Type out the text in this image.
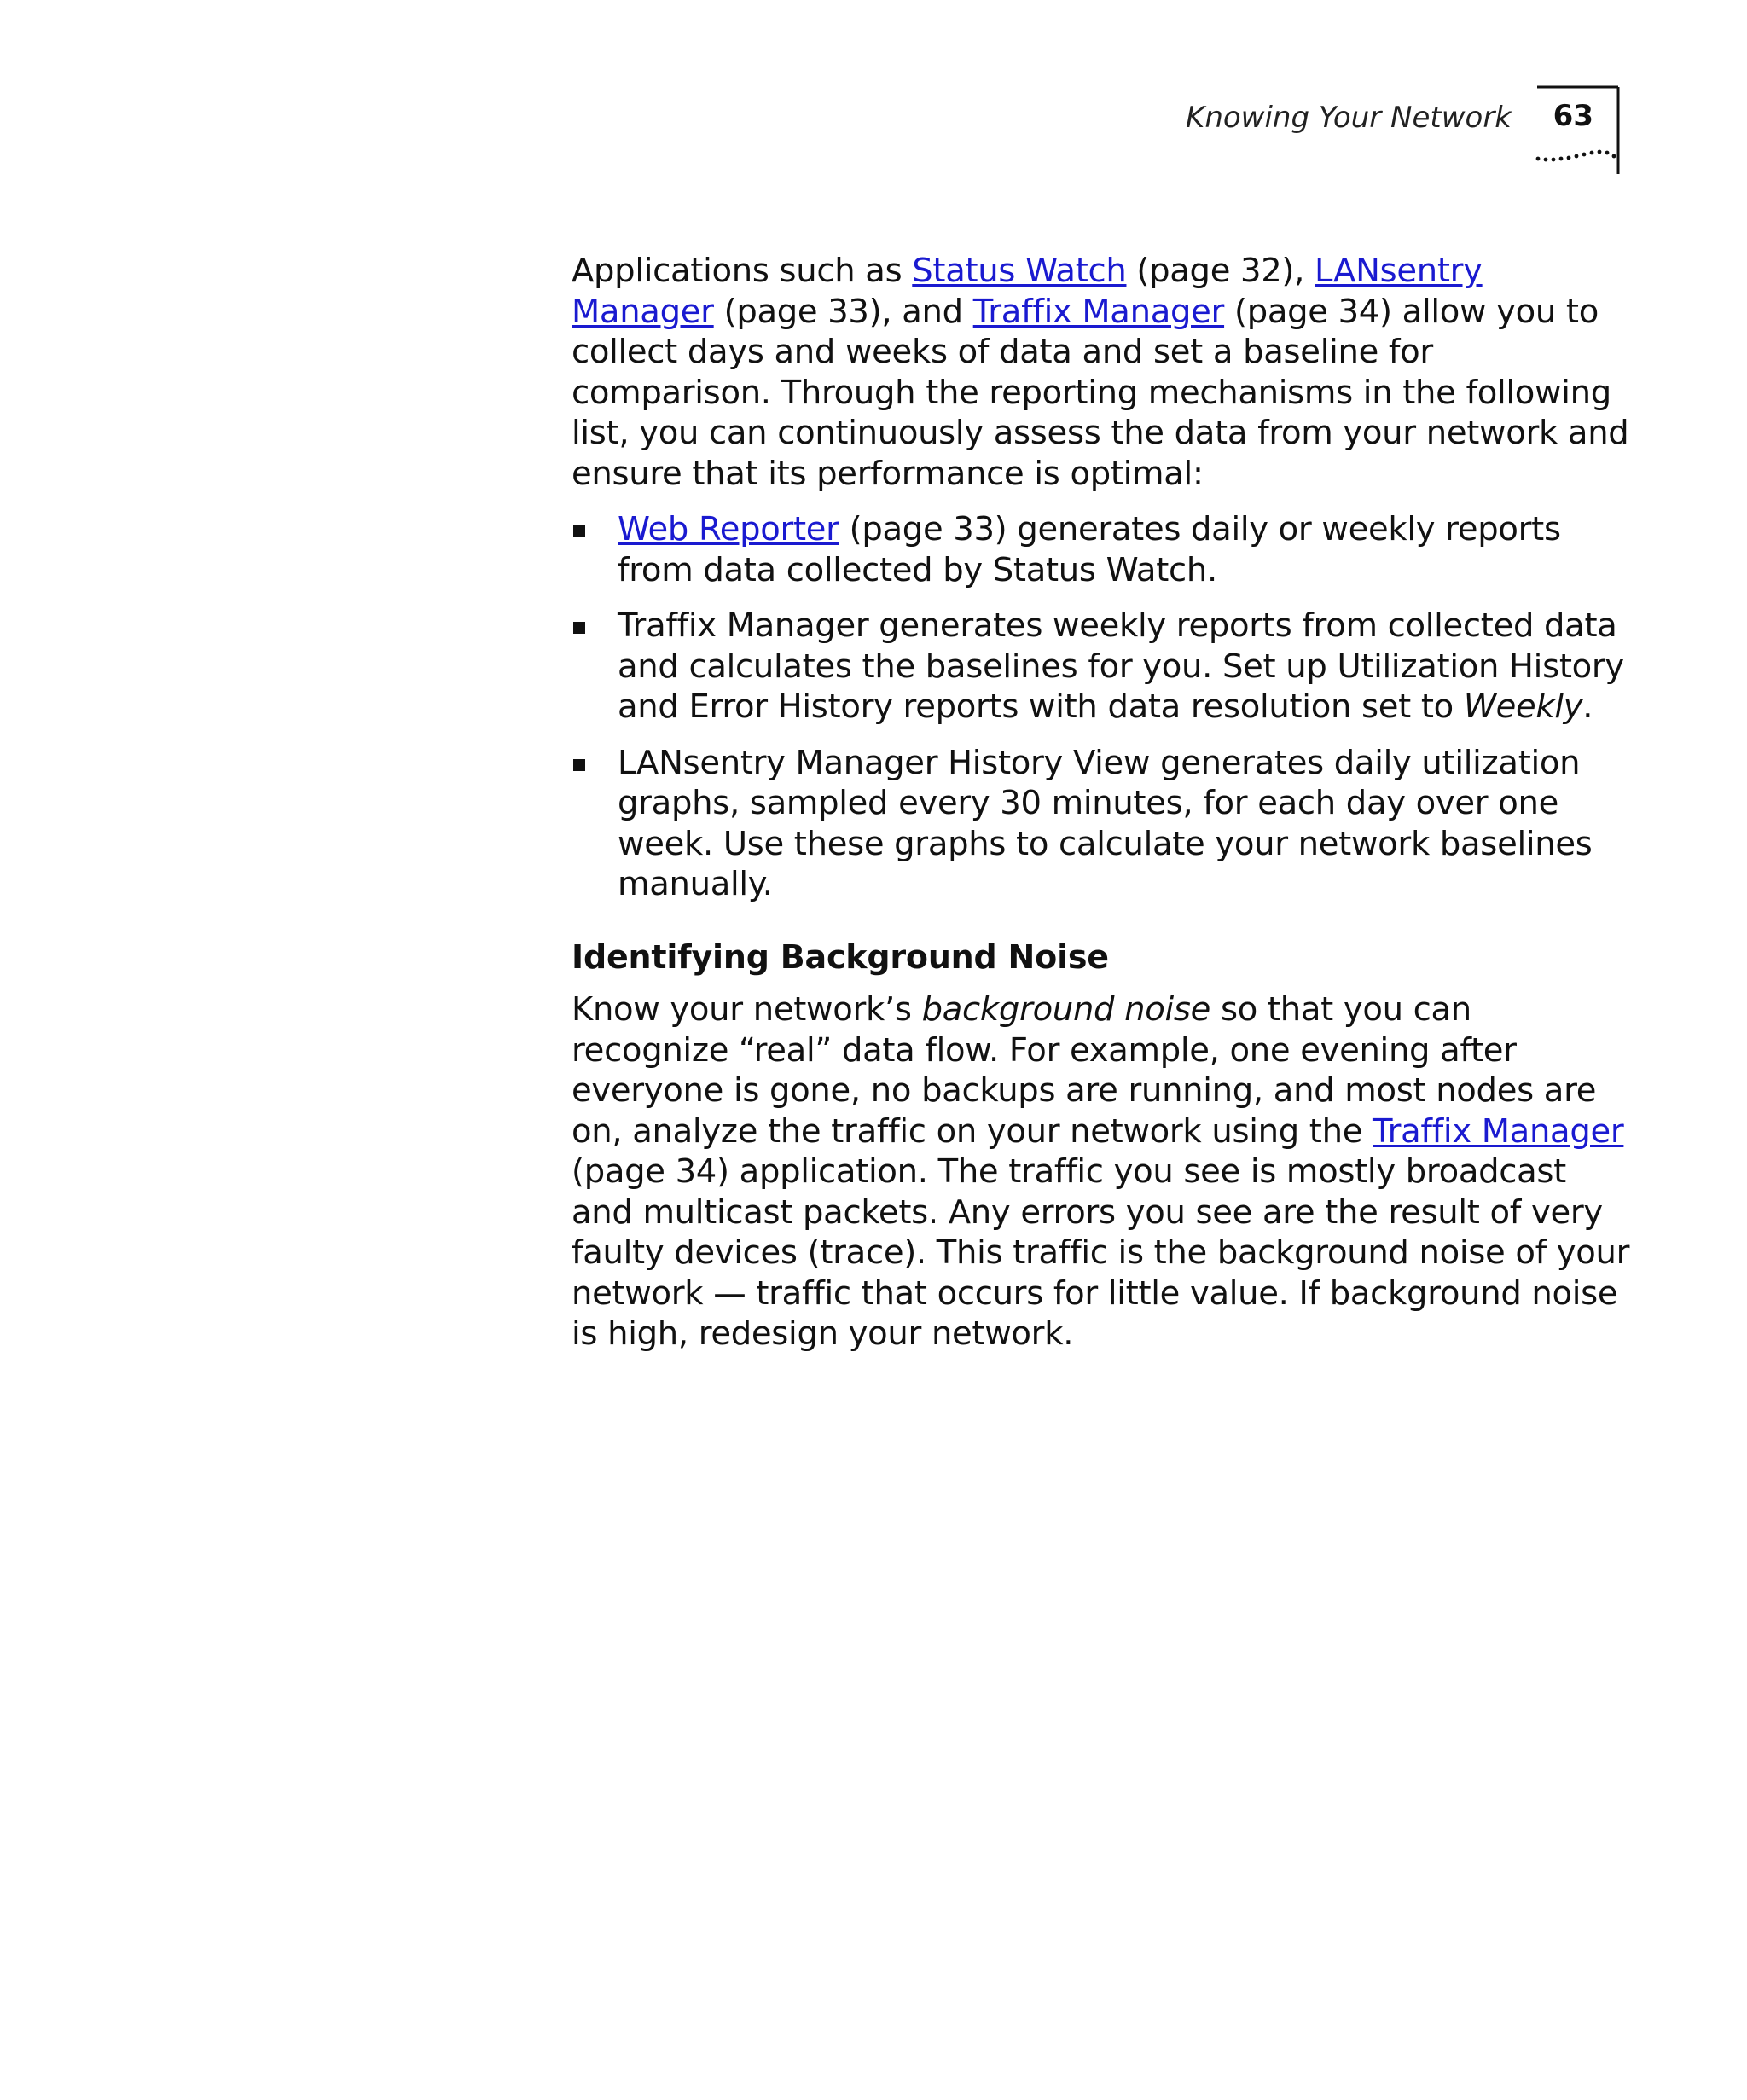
Knowing Your Network 63

Applications such as Status Watch (page 32), LANsentry Manager (page 33), and Traffix Manager (page 34) allow you to collect days and weeks of data and set a baseline for comparison. Through the reporting mechanisms in the following list, you can continuously assess the data from your network and ensure that its performance is optimal:

Web Reporter (page 33) generates daily or weekly reports from data collected by Status Watch.
Traffix Manager generates weekly reports from collected data and calculates the baselines for you. Set up Utilization History and Error History reports with data resolution set to Weekly.
LANsentry Manager History View generates daily utilization graphs, sampled every 30 minutes, for each day over one week. Use these graphs to calculate your network baselines manually.
Identifying Background Noise

Know your network’s background noise so that you can recognize “real” data flow. For example, one evening after everyone is gone, no backups are running, and most nodes are on, analyze the traffic on your network using the Traffix Manager (page 34) application. The traffic you see is mostly broadcast and multicast packets. Any errors you see are the result of very faulty devices (trace). This traffic is the background noise of your network — traffic that occurs for little value. If background noise is high, redesign your network.
